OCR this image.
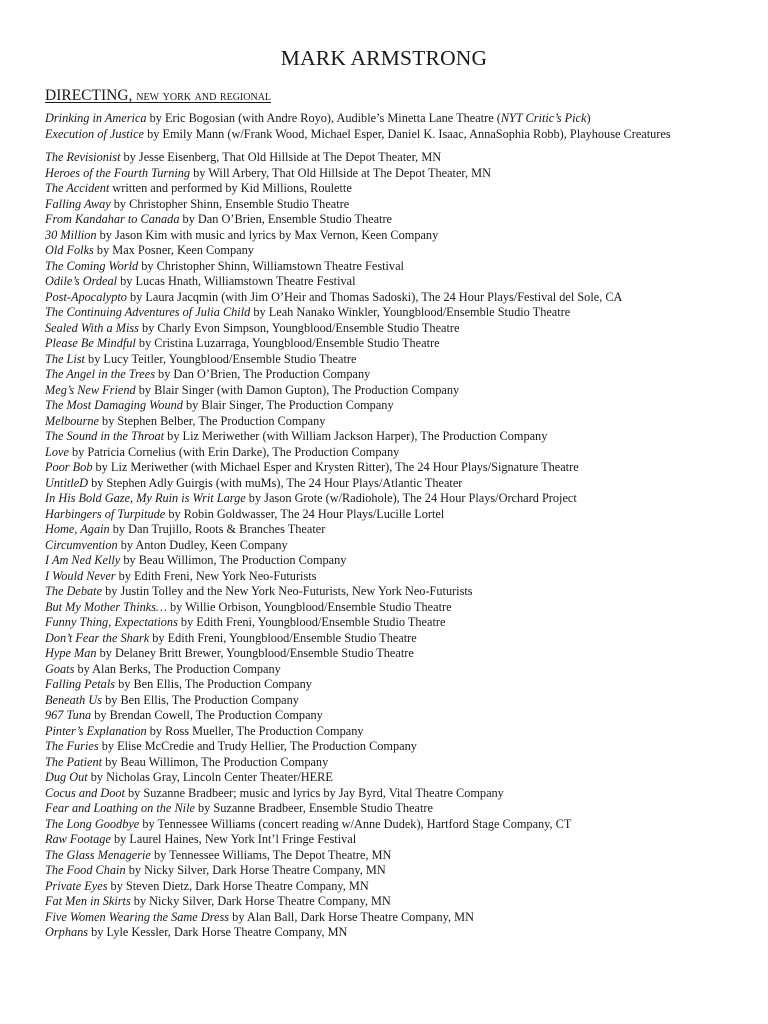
MARK ARMSTRONG
DIRECTING, new york and regional
Drinking in America by Eric Bogosian (with Andre Royo), Audible’s Minetta Lane Theatre (NYT Critic’s Pick)
Execution of Justice by Emily Mann (w/Frank Wood, Michael Esper, Daniel K. Isaac, AnnaSophia Robb), Playhouse Creatures
The Revisionist by Jesse Eisenberg, That Old Hillside at The Depot Theater, MN
Heroes of the Fourth Turning by Will Arbery, That Old Hillside at The Depot Theater, MN
The Accident written and performed by Kid Millions, Roulette
Falling Away by Christopher Shinn, Ensemble Studio Theatre
From Kandahar to Canada by Dan O’Brien, Ensemble Studio Theatre
30 Million by Jason Kim with music and lyrics by Max Vernon, Keen Company
Old Folks by Max Posner, Keen Company
The Coming World by Christopher Shinn, Williamstown Theatre Festival
Odile’s Ordeal by Lucas Hnath, Williamstown Theatre Festival
Post-Apocalypto by Laura Jacqmin (with Jim O’Heir and Thomas Sadoski), The 24 Hour Plays/Festival del Sole, CA
The Continuing Adventures of Julia Child by Leah Nanako Winkler, Youngblood/Ensemble Studio Theatre
Sealed With a Miss by Charly Evon Simpson, Youngblood/Ensemble Studio Theatre
Please Be Mindful by Cristina Luzarraga, Youngblood/Ensemble Studio Theatre
The List by Lucy Teitler, Youngblood/Ensemble Studio Theatre
The Angel in the Trees by Dan O’Brien, The Production Company
Meg’s New Friend by Blair Singer (with Damon Gupton), The Production Company
The Most Damaging Wound by Blair Singer, The Production Company
Melbourne by Stephen Belber, The Production Company
The Sound in the Throat by Liz Meriwether (with William Jackson Harper), The Production Company
Love by Patricia Cornelius (with Erin Darke), The Production Company
Poor Bob by Liz Meriwether (with Michael Esper and Krysten Ritter), The 24 Hour Plays/Signature Theatre
UntitleD by Stephen Adly Guirgis (with muMs), The 24 Hour Plays/Atlantic Theater
In His Bold Gaze, My Ruin is Writ Large by Jason Grote (w/Radiohole), The 24 Hour Plays/Orchard Project
Harbingers of Turpitude by Robin Goldwasser, The 24 Hour Plays/Lucille Lortel
Home, Again by Dan Trujillo, Roots & Branches Theater
Circumvention by Anton Dudley, Keen Company
I Am Ned Kelly by Beau Willimon, The Production Company
I Would Never by Edith Freni, New York Neo-Futurists
The Debate by Justin Tolley and the New York Neo-Futurists, New York Neo-Futurists
But My Mother Thinks… by Willie Orbison, Youngblood/Ensemble Studio Theatre
Funny Thing, Expectations by Edith Freni, Youngblood/Ensemble Studio Theatre
Don’t Fear the Shark by Edith Freni, Youngblood/Ensemble Studio Theatre
Hype Man by Delaney Britt Brewer, Youngblood/Ensemble Studio Theatre
Goats by Alan Berks, The Production Company
Falling Petals by Ben Ellis, The Production Company
Beneath Us by Ben Ellis, The Production Company
967 Tuna by Brendan Cowell, The Production Company
Pinter’s Explanation by Ross Mueller, The Production Company
The Furies by Elise McCredie and Trudy Hellier, The Production Company
The Patient by Beau Willimon, The Production Company
Dug Out by Nicholas Gray, Lincoln Center Theater/HERE
Cocus and Doot by Suzanne Bradbeer; music and lyrics by Jay Byrd, Vital Theatre Company
Fear and Loathing on the Nile by Suzanne Bradbeer, Ensemble Studio Theatre
The Long Goodbye by Tennessee Williams (concert reading w/Anne Dudek), Hartford Stage Company, CT
Raw Footage by Laurel Haines, New York Int’l Fringe Festival
The Glass Menagerie by Tennessee Williams, The Depot Theatre, MN
The Food Chain by Nicky Silver, Dark Horse Theatre Company, MN
Private Eyes by Steven Dietz, Dark Horse Theatre Company, MN
Fat Men in Skirts by Nicky Silver, Dark Horse Theatre Company, MN
Five Women Wearing the Same Dress by Alan Ball, Dark Horse Theatre Company, MN
Orphans by Lyle Kessler, Dark Horse Theatre Company, MN
